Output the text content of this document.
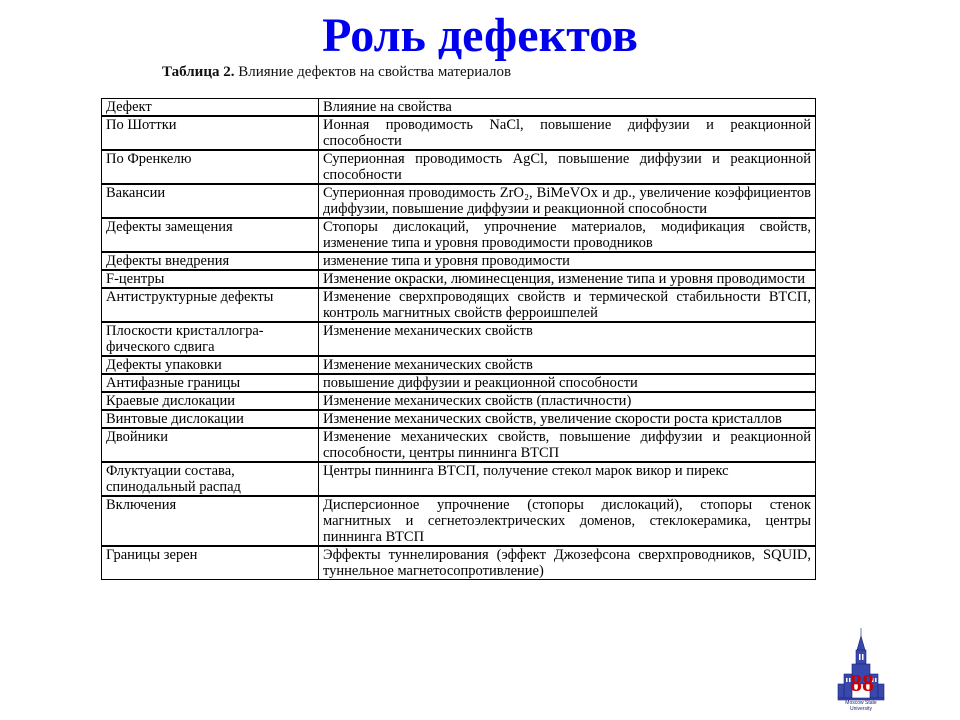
Роль дефектов
Таблица 2. Влияние дефектов на свойства материалов
Дефект	Влияние на свойства
По Шоттки	Ионная проводимость NaCl, повышение диффузии и реакционной способности
По Френкелю	Суперионная проводимость AgCl, повышение диффузии и реакционной способности
Вакансии	Суперионная проводимость ZrO₂, BiMeVOx и др., увеличение коэффициентов диффузии, повышение диффузии и реакционной способности
Дефекты замещения	Стопоры дислокаций, упрочнение материалов, модификация свойств, изменение типа и уровня проводимости проводников
Дефекты внедрения	изменение типа и уровня проводимости
F-центры	Изменение окраски, люминесценция, изменение типа и уровня проводимости
Антиструктурные дефекты	Изменение сверхпроводящих свойств и термической стабильности ВТСП, контроль магнитных свойств ферроишпелей
Плоскости кристаллогра-фического сдвига	Изменение механических свойств
Дефекты упаковки	Изменение механических свойств
Антифазные границы	повышение диффузии и реакционной способности
Краевые дислокации	Изменение механических свойств (пластичности)
Винтовые дислокации	Изменение механических свойств, увеличение скорости роста кристаллов
Двойники	Изменение механических свойств, повышение диффузии и реакционной способности, центры пиннинга ВТСП
Флуктуации состава, спинодальный распад	Центры пиннинга ВТСП, получение стекол марок викор и пирекс
Включения	Дисперсионное упрочнение (стопоры дислокаций), стопоры стенок магнитных и сегнетоэлектрических доменов, стеклокерамика, центры пиннинга ВТСП
Границы зерен	Эффекты туннелирования (эффект Джозефсона сверхпроводников, SQUID, туннельное магнетосопротивление)
88
Moscow State University
